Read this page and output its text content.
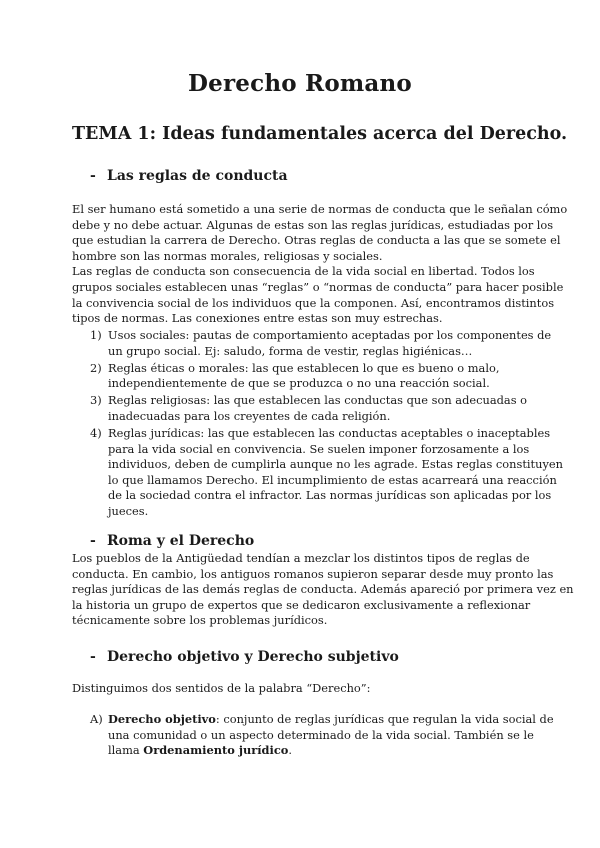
Derecho Romano
TEMA 1: Ideas fundamentales acerca del Derecho.
- Las reglas de conducta
El ser humano está sometido a una serie de normas de conducta que le señalan cómo
debe y no debe actuar. Algunas de estas son las reglas jurídicas, estudiadas por los
que estudian la carrera de Derecho. Otras reglas de conducta a las que se somete el
hombre son las normas morales, religiosas y sociales.
Las reglas de conducta son consecuencia de la vida social en libertad. Todos los
grupos sociales establecen unas “reglas” o “normas de conducta” para hacer posible
la convivencia social de los individuos que la componen. Así, encontramos distintos
tipos de normas. Las conexiones entre estas son muy estrechas.
1) Usos sociales: pautas de comportamiento aceptadas por los componentes de
un grupo social. Ej: saludo, forma de vestir, reglas higiénicas…
2) Reglas éticas o morales: las que establecen lo que es bueno o malo,
independientemente de que se produzca o no una reacción social.
3) Reglas religiosas: las que establecen las conductas que son adecuadas o
inadecuadas para los creyentes de cada religión.
4) Reglas jurídicas: las que establecen las conductas aceptables o inaceptables
para la vida social en convivencia. Se suelen imponer forzosamente a los
individuos, deben de cumplirla aunque no les agrade. Estas reglas constituyen
lo que llamamos Derecho. El incumplimiento de estas acarreará una reacción
de la sociedad contra el infractor. Las normas jurídicas son aplicadas por los
jueces.
- Roma y el Derecho
Los pueblos de la Antigüedad tendían a mezclar los distintos tipos de reglas de
conducta. En cambio, los antiguos romanos supieron separar desde muy pronto las
reglas jurídicas de las demás reglas de conducta. Además apareció por primera vez en
la historia un grupo de expertos que se dedicaron exclusivamente a reflexionar
técnicamente sobre los problemas jurídicos.
- Derecho objetivo y Derecho subjetivo
Distinguimos dos sentidos de la palabra “Derecho”:
A) Derecho objetivo: conjunto de reglas jurídicas que regulan la vida social de
una comunidad o un aspecto determinado de la vida social. También se le
llama Ordenamiento jurídico.
